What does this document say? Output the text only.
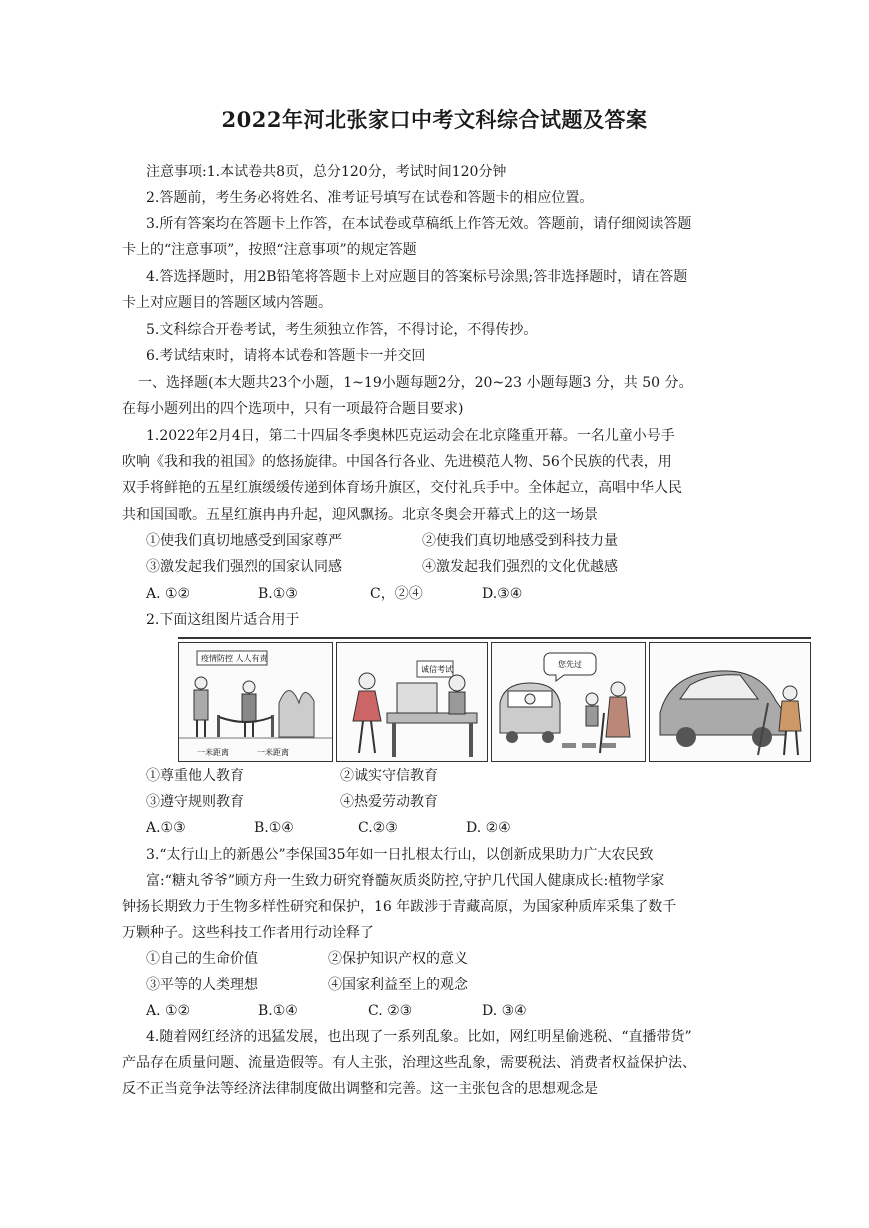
2022年河北张家口中考文科综合试题及答案
注意事项:1.本试卷共8页，总分120分，考试时间120分钟
2.答题前，考生务必将姓名、准考证号填写在试卷和答题卡的相应位置。
3.所有答案均在答题卡上作答，在本试卷或草稿纸上作答无效。答题前，请仔细阅读答题
卡上的“注意事项”，按照“注意事项”的规定答题
4.答选择题时，用2B铅笔将答题卡上对应题目的答案标号涂黑;答非选择题时，请在答题
卡上对应题目的答题区域内答题。
5.文科综合开卷考试，考生须独立作答，不得讨论，不得传抄。
6.考试结束时，请将本试卷和答题卡一并交回
一、选择题(本大题共23个小题，1~19小题每题2分，20~23 小题每题3 分，共 50 分。
在每小题列出的四个选项中，只有一项最符合题目要求)
1.2022年2月4日，第二十四届冬季奥林匹克运动会在北京隆重开幕。一名儿童小号手
吹响《我和我的祖国》的悠扬旋律。中国各行各业、先进模范人物、56个民族的代表，用
双手将鲜艳的五星红旗缓缓传递到体育场升旗区，交付礼兵手中。全体起立，高唱中华人民
共和国国歌。五星红旗冉冉升起，迎风飘扬。北京冬奥会开幕式上的这一场景
①使我们真切地感受到国家尊严	②使我们真切地感受到科技力量
③激发起我们强烈的国家认同感	④激发起我们强烈的文化优越感
A. ①②	B.①③	C，②④	D.③④
2.下面这组图片适合用于
疫情防控 人人有责
一米距离	一米距离
诚信考试
您先过
①尊重他人教育	②诚实守信教育
③遵守规则教育	④热爱劳动教育
A.①③	B.①④	C.②③	D. ②④
3.“太行山上的新愚公”李保国35年如一日扎根太行山，以创新成果助力广大农民致
富:“糖丸爷爷”顾方舟一生致力研究脊髓灰质炎防控,守护几代国人健康成长:植物学家
钟扬长期致力于生物多样性研究和保护，16 年跋涉于青藏高原，为国家种质库采集了数千
万颗种子。这些科技工作者用行动诠释了
①自己的生命价值	②保护知识产权的意义
③平等的人类理想	④国家利益至上的观念
A. ①②	B.①④	C. ②③	D. ③④
4.随着网红经济的迅猛发展，也出现了一系列乱象。比如，网红明星偷逃税、“直播带货”
产品存在质量问题、流量造假等。有人主张，治理这些乱象，需要税法、消费者权益保护法、
反不正当竞争法等经济法律制度做出调整和完善。这一主张包含的思想观念是
